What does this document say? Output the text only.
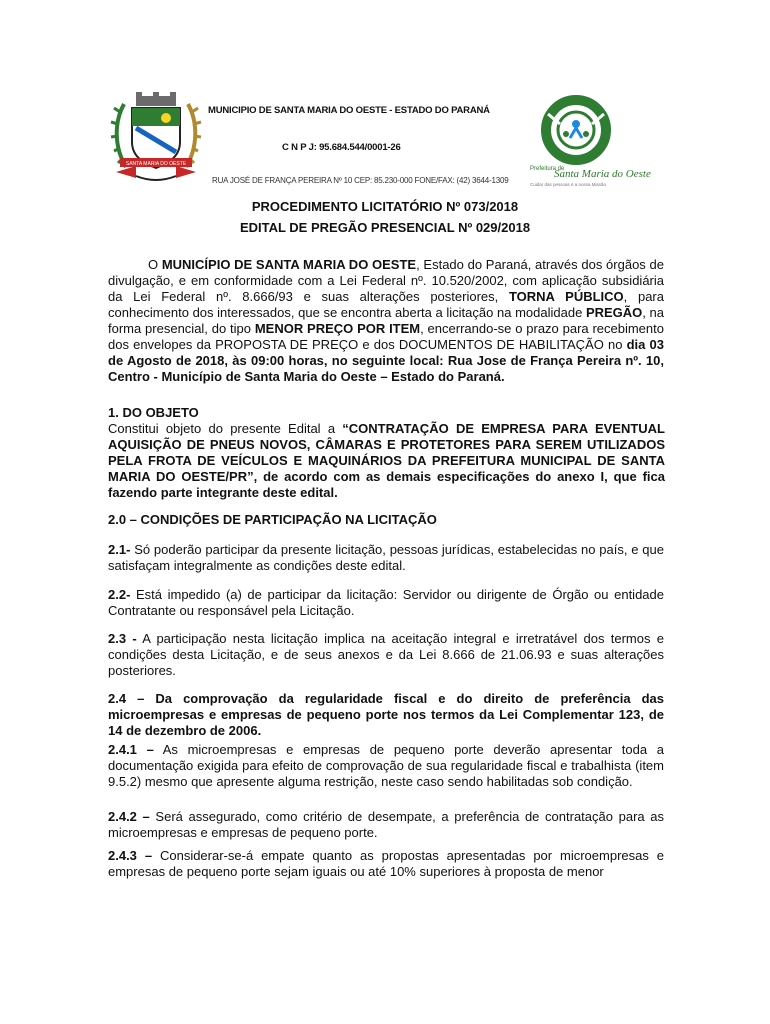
SANTA MARIA DO OESTE
MUNICIPIO DE SANTA MARIA DO OESTE - ESTADO DO PARANÁ
C N P J: 95.684.544/0001-26
RUA JOSÉ DE FRANÇA PEREIRA Nº 10 CEP: 85.230-000 FONE/FAX: (42) 3644-1309
Prefeitura de
Santa Maria do Oeste
Cuidar das pessoas é a nossa Missão
PROCEDIMENTO LICITATÓRIO Nº 073/2018
EDITAL DE PREGÃO PRESENCIAL Nº 029/2018
O MUNICÍPIO DE SANTA MARIA DO OESTE, Estado do Paraná, através dos órgãos de divulgação, e em conformidade com a Lei Federal nº. 10.520/2002, com aplicação subsidiária da Lei Federal nº. 8.666/93 e suas alterações posteriores, TORNA PÚBLICO, para conhecimento dos interessados, que se encontra aberta a licitação na modalidade PREGÃO, na forma presencial, do tipo MENOR PREÇO POR ITEM, encerrando-se o prazo para recebimento dos envelopes da PROPOSTA DE PREÇO e dos DOCUMENTOS DE HABILITAÇÃO no dia 03 de Agosto de 2018, às 09:00 horas, no seguinte local: Rua Jose de França Pereira nº. 10, Centro - Município de Santa Maria do Oeste – Estado do Paraná.
1. DO OBJETO
Constitui objeto do presente Edital a “CONTRATAÇÃO DE EMPRESA PARA EVENTUAL AQUISIÇÃO DE PNEUS NOVOS, CÂMARAS E PROTETORES PARA SEREM UTILIZADOS PELA FROTA DE VEÍCULOS E MAQUINÁRIOS DA PREFEITURA MUNICIPAL DE SANTA MARIA DO OESTE/PR”, de acordo com as demais especificações do anexo I, que fica fazendo parte integrante deste edital.
2.0 – CONDIÇÕES DE PARTICIPAÇÃO NA LICITAÇÃO
2.1- Só poderão participar da presente licitação, pessoas jurídicas, estabelecidas no país, e que satisfaçam integralmente as condições deste edital.
2.2- Está impedido (a) de participar da licitação: Servidor ou dirigente de Órgão ou entidade Contratante ou responsável pela Licitação.
2.3 - A participação nesta licitação implica na aceitação integral e irretratável dos termos e condições desta Licitação, e de seus anexos e da Lei 8.666 de 21.06.93 e suas alterações posteriores.
2.4 – Da comprovação da regularidade fiscal e do direito de preferência das microempresas e empresas de pequeno porte nos termos da Lei Complementar 123, de 14 de dezembro de 2006.
2.4.1 – As microempresas e empresas de pequeno porte deverão apresentar toda a documentação exigida para efeito de comprovação de sua regularidade fiscal e trabalhista (item 9.5.2) mesmo que apresente alguma restrição, neste caso sendo habilitadas sob condição.
2.4.2 – Será assegurado, como critério de desempate, a preferência de contratação para as microempresas e empresas de pequeno porte.
2.4.3 – Considerar-se-á empate quanto as propostas apresentadas por microempresas e empresas de pequeno porte sejam iguais ou até 10% superiores à proposta de menor
